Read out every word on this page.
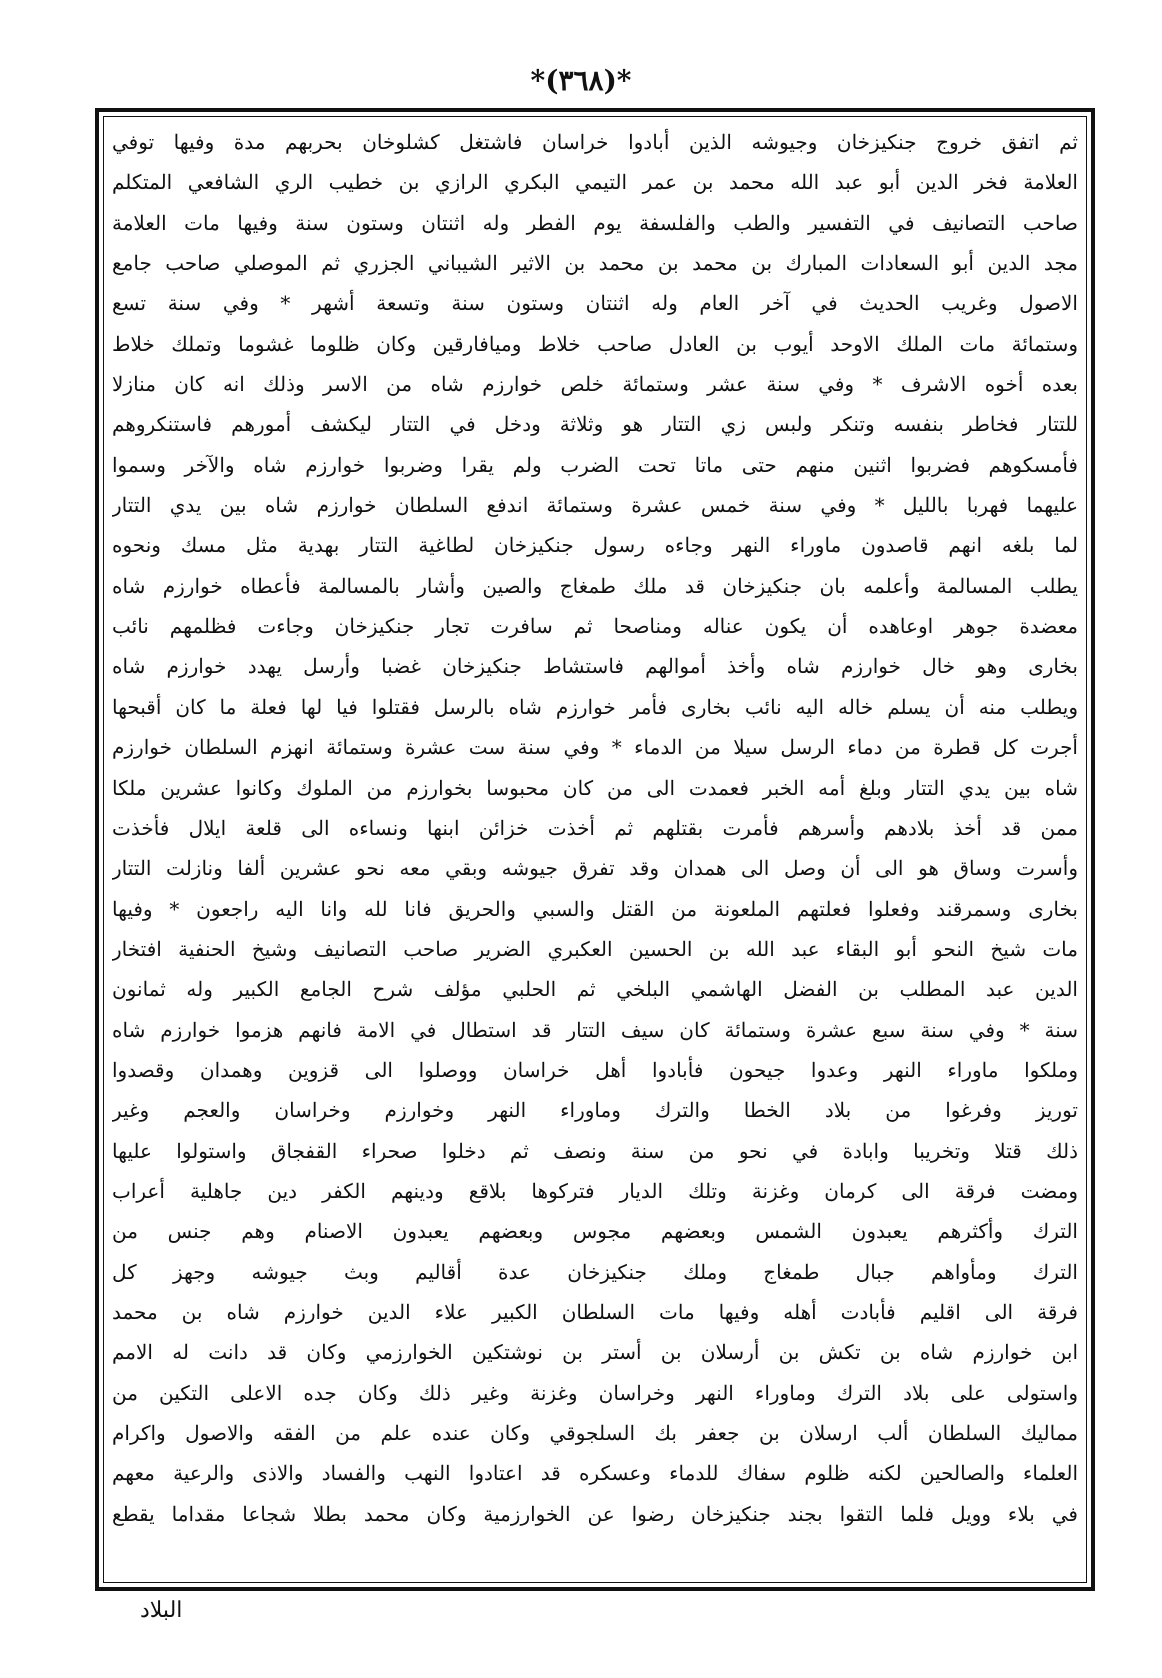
*(٣٦٨)*
ثم اتفق خروج جنكيزخان وجيوشه الذين أبادوا خراسان فاشتغل كشلوخان بحربهم مدة وفيها توفي
العلامة فخر الدين أبو عبد الله محمد بن عمر التيمي البكري الرازي بن خطيب الري الشافعي المتكلم
صاحب التصانيف في التفسير والطب والفلسفة يوم الفطر وله اثنتان وستون سنة وفيها مات العلامة
مجد الدين أبو السعادات المبارك بن محمد بن محمد بن الاثير الشيباني الجزري ثم الموصلي صاحب جامع
الاصول وغريب الحديث في آخر العام وله اثنتان وستون سنة وتسعة أشهر * وفي سنة تسع
وستمائة مات الملك الاوحد أيوب بن العادل صاحب خلاط وميافارقين وكان ظلوما غشوما وتملك خلاط
بعده أخوه الاشرف * وفي سنة عشر وستمائة خلص خوارزم شاه من الاسر وذلك انه كان منازلا
للتتار فخاطر بنفسه وتنكر ولبس زي التتار هو وثلاثة ودخل في التتار ليكشف أمورهم فاستنكروهم
فأمسكوهم فضربوا اثنين منهم حتى ماتا تحت الضرب ولم يقرا وضربوا خوارزم شاه والآخر وسموا
عليهما فهربا بالليل * وفي سنة خمس عشرة وستمائة اندفع السلطان خوارزم شاه بين يدي التتار
لما بلغه انهم قاصدون ماوراء النهر وجاءه رسول جنكيزخان لطاغية التتار بهدية مثل مسك ونحوه
يطلب المسالمة وأعلمه بان جنكيزخان قد ملك طمغاج والصين وأشار بالمسالمة فأعطاه خوارزم شاه
معضدة جوهر اوعاهده أن يكون عناله ومناصحا ثم سافرت تجار جنكيزخان وجاءت فظلمهم نائب
بخارى وهو خال خوارزم شاه وأخذ أموالهم فاستشاط جنكيزخان غضبا وأرسل يهدد خوارزم شاه
ويطلب منه أن يسلم خاله اليه نائب بخارى فأمر خوارزم شاه بالرسل فقتلوا فيا لها فعلة ما كان أقبحها
أجرت كل قطرة من دماء الرسل سيلا من الدماء * وفي سنة ست عشرة وستمائة انهزم السلطان خوارزم
شاه بين يدي التتار وبلغ أمه الخبر فعمدت الى من كان محبوسا بخوارزم من الملوك وكانوا عشرين ملكا
ممن قد أخذ بلادهم وأسرهم فأمرت بقتلهم ثم أخذت خزائن ابنها ونساءه الى قلعة ايلال فأخذت
وأسرت وساق هو الى أن وصل الى همدان وقد تفرق جيوشه وبقي معه نحو عشرين ألفا ونازلت التتار
بخارى وسمرقند وفعلوا فعلتهم الملعونة من القتل والسبي والحريق فانا لله وانا اليه راجعون * وفيها
مات شيخ النحو أبو البقاء عبد الله بن الحسين العكبري الضرير صاحب التصانيف وشيخ الحنفية افتخار
الدين عبد المطلب بن الفضل الهاشمي البلخي ثم الحلبي مؤلف شرح الجامع الكبير وله ثمانون
سنة * وفي سنة سبع عشرة وستمائة كان سيف التتار قد استطال في الامة فانهم هزموا خوارزم شاه
وملكوا ماوراء النهر وعدوا جيحون فأبادوا أهل خراسان ووصلوا الى قزوين وهمدان وقصدوا
توريز وفرغوا من بلاد الخطا والترك وماوراء النهر وخوارزم وخراسان والعجم وغير
ذلك قتلا وتخريبا وابادة في نحو من سنة ونصف ثم دخلوا صحراء القفجاق واستولوا عليها
ومضت فرقة الى كرمان وغزنة وتلك الديار فتركوها بلاقع ودينهم الكفر دين جاهلية أعراب
الترك وأكثرهم يعبدون الشمس وبعضهم مجوس وبعضهم يعبدون الاصنام وهم جنس من
الترك ومأواهم جبال طمغاج وملك جنكيزخان عدة أقاليم وبث جيوشه وجهز كل
فرقة الى اقليم فأبادت أهله وفيها مات السلطان الكبير علاء الدين خوارزم شاه بن محمد
ابن خوارزم شاه بن تكش بن أرسلان بن أستر بن نوشتكين الخوارزمي وكان قد دانت له الامم
واستولى على بلاد الترك وماوراء النهر وخراسان وغزنة وغير ذلك وكان جده الاعلى التكين من
مماليك السلطان ألب ارسلان بن جعفر بك السلجوقي وكان عنده علم من الفقه والاصول واكرام
العلماء والصالحين لكنه ظلوم سفاك للدماء وعسكره قد اعتادوا النهب والفساد والاذى والرعية معهم
في بلاء وويل فلما التقوا بجند جنكيزخان رضوا عن الخوارزمية وكان محمد بطلا شجاعا مقداما يقطع
البلاد
